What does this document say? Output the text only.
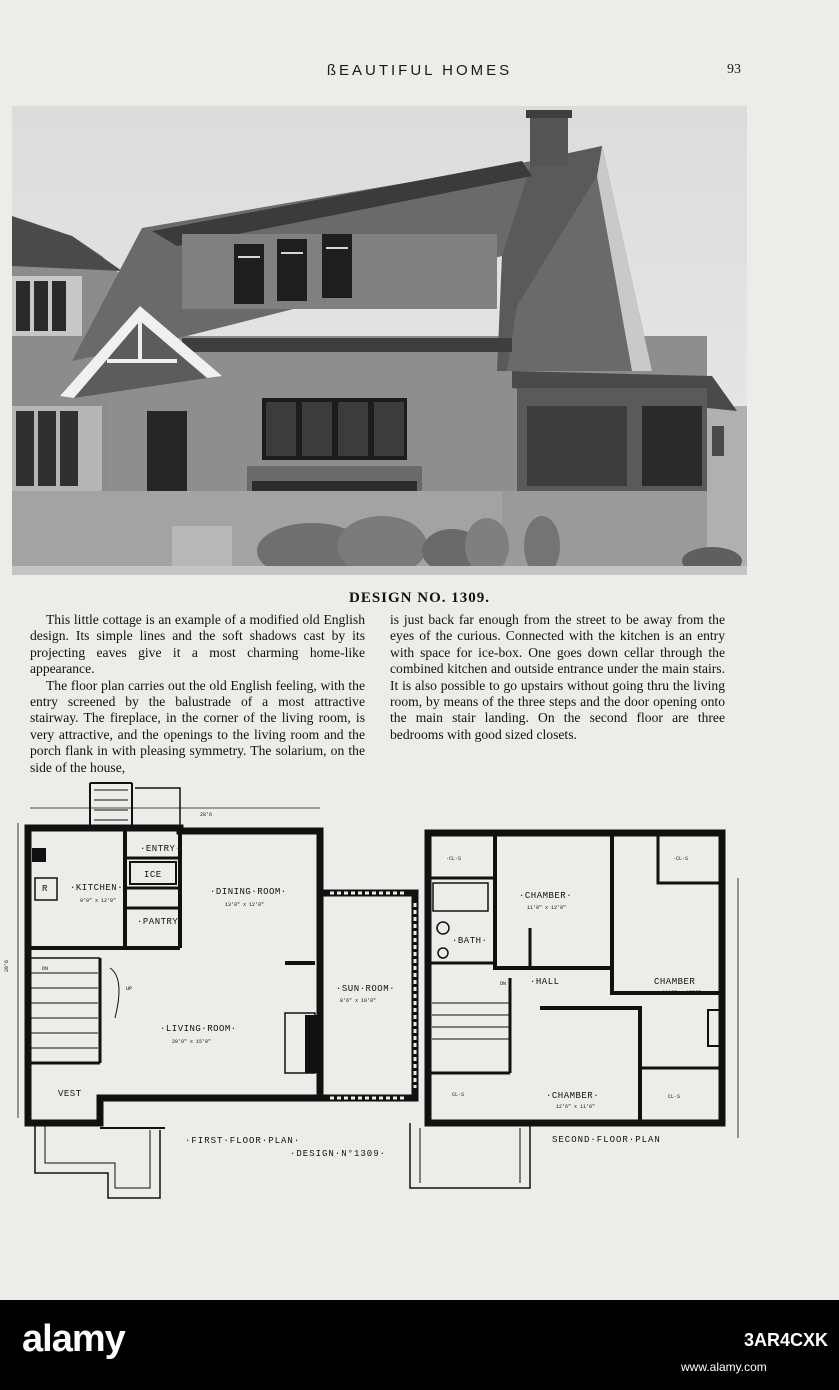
ßEAUTIFUL HOMES	93
DESIGN NO. 1309.

This little cottage is an example of a modified old English design. Its simple lines and the soft shadows cast by its projecting eaves give it a most charming home-like appearance.

The floor plan carries out the old English feeling, with the entry screened by the balustrade of a most attractive stairway. The fireplace, in the corner of the living room, is very attractive, and the openings to the living room and the porch flank in with pleasing symmetry. The solarium, on the side of the house,

is just back far enough from the street to be away from the eyes of the curious. Connected with the kitchen is an entry with space for ice-box. One goes down cellar through the combined kitchen and outside entrance under the main stairs. It is also possible to go upstairs without going thru the living room, by means of the three steps and the door opening onto the main stair landing. On the second floor are three bedrooms with good sized closets.

28'6
28'6
·KITCHEN·
9'0" x 12'0"
·DINING·ROOM·
13'0" x 12'0"
·ENTRY·
ICE
·PANTRY·
·LIVING·ROOM·
20'0" x 15'0"
·SUN·ROOM·
8'6" x 19'0"
VEST
R
DN
UP
·FIRST·FLOOR·PLAN·
·DESIGN·N°1309·
·CL·S
·CHAMBER·
11'0" x 12'0"
·BATH·
·CL·S
·HALL	CHAMBER
10'0" x 17'6"
DN
CL·S	·CHAMBER·
12'6" x 11'0"
CL·S
SECOND·FLOOR·PLAN
alamy	3AR4CXK
www.alamy.com
